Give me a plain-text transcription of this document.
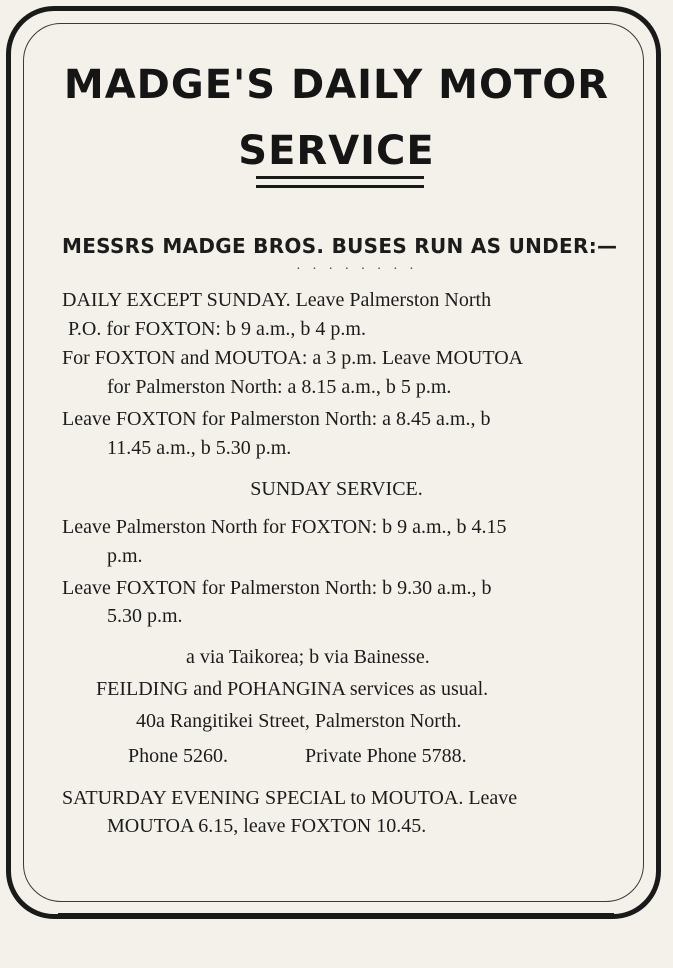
MADGE'S DAILY MOTOR
SERVICE
MESSRS MADGE BROS. BUSES RUN AS UNDER:—
· · · · · · · ·
DAILY EXCEPT SUNDAY. Leave Palmerston North
P.O. for FOXTON: b 9 a.m., b 4 p.m.
For FOXTON and MOUTOA: a 3 p.m. Leave MOUTOA
for Palmerston North: a 8.15 a.m., b 5 p.m.
Leave FOXTON for Palmerston North: a 8.45 a.m., b
11.45 a.m., b 5.30 p.m.
SUNDAY SERVICE.
Leave Palmerston North for FOXTON: b 9 a.m., b 4.15
p.m.
Leave FOXTON for Palmerston North: b 9.30 a.m., b
5.30 p.m.
a via Taikorea; b via Bainesse.
FEILDING and POHANGINA services as usual.
40a Rangitikei Street, Palmerston North.
Phone 5260.	Private Phone 5788.
SATURDAY EVENING SPECIAL to MOUTOA. Leave
MOUTOA 6.15, leave FOXTON 10.45.
